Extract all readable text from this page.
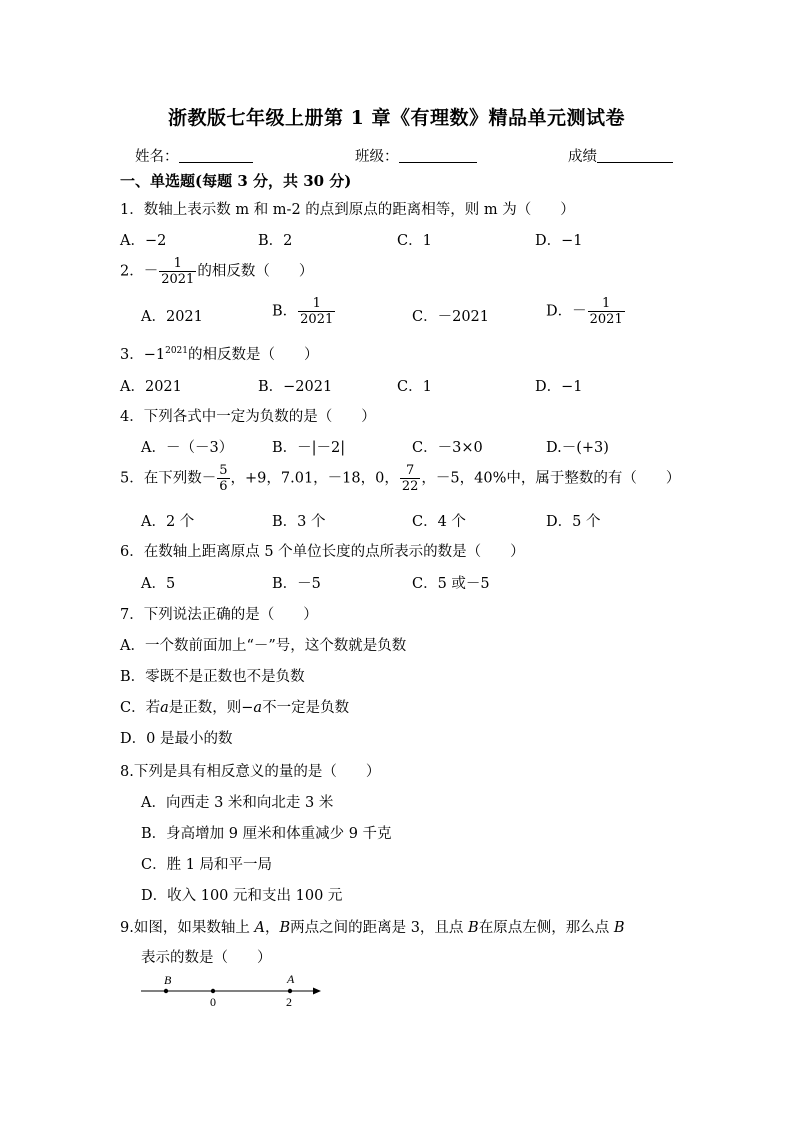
浙教版七年级上册第 1 章《有理数》精品单元测试卷
姓名：	班级：	成绩
一、单选题(每题 3 分，共 30 分)
1．数轴上表示数 m 和 m-2 的点到原点的距离相等，则 m 为（　　）
A．−2	B．2	C．1	D．−1
2．－ $\frac{1}{2021}$ 的相反数（　　）
A．2021	B． $\frac{1}{2021}$	C．－2021	D．－ $\frac{1}{2021}$
3．$-1^{2021}$的相反数是（　　）
A．2021	B．−2021	C．1	D．−1
4．下列各式中一定为负数的是（　　）
A．－（－3）	B．－|－2|	C．－3×0	D.－(+3)
5．在下列数－ $\frac{5}{6}$ ，+9，7.01，－18，0， $\frac{7}{22}$ ，－5，40%中，属于整数的有（　　）
A．2 个	B．3 个	C．4 个	D．5 个
6．在数轴上距离原点 5 个单位长度的点所表示的数是（　　）
A．5	B．－5	C．5 或－5
7．下列说法正确的是（　　）
A．一个数前面加上“－”号，这个数就是负数
B．零既不是正数也不是负数
C．若a是正数，则−a不一定是负数
D．0 是最小的数
8.下列是具有相反意义的量的是（　　）
A．向西走 3 米和向北走 3 米
B．身高增加 9 厘米和体重减少 9 千克
C．胜 1 局和平一局
D．收入 100 元和支出 100 元
9.如图，如果数轴上 A，B两点之间的距离是 3，且点 B在原点左侧，那么点 B
表示的数是（　　）
B	A
0	2
